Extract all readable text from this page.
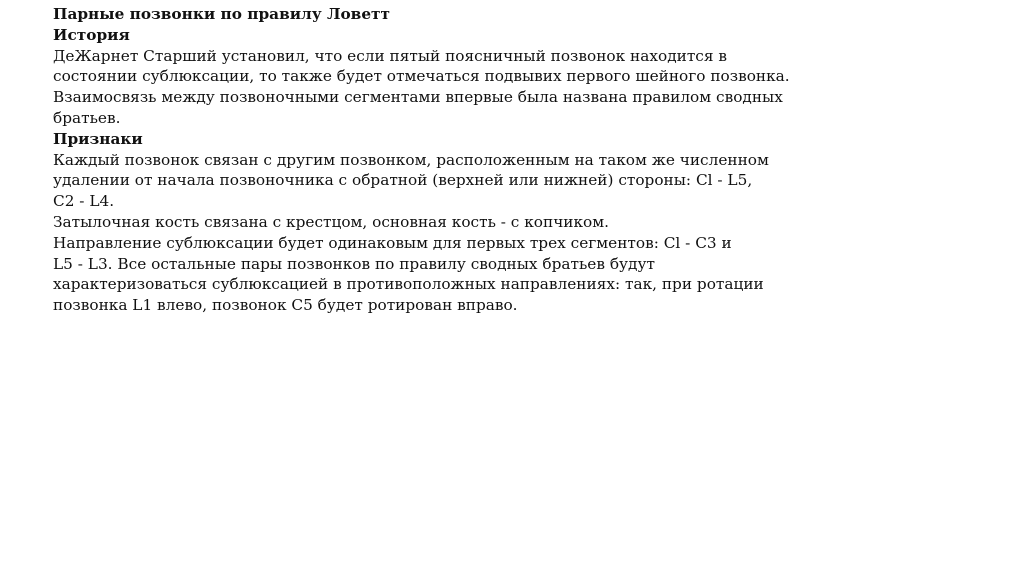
Парные позвонки по правилу Ловетт
История
ДеЖарнет Старший установил, что если пятый поясничный позвонок находится в
состоянии сублюксации, то также будет отмечаться подвывих первого шейного позвонка.
Взаимосвязь между позвоночными сегментами впервые была названа правилом сводных
братьев.
Признаки
Каждый позвонок связан с другим позвонком, расположенным на таком же численном
удалении от начала позвоночника с обратной (верхней или нижней) стороны: Cl - L5,
C2 - L4.
Затылочная кость связана с крестцом, основная кость - с копчиком.
Направление сублюксации будет одинаковым для первых трех сегментов: Cl - C3 и
L5 - L3. Все остальные пары позвонков по правилу сводных братьев будут
характеризоваться сублюксацией в противоположных направлениях: так, при ротации
позвонка L1 влево, позвонок C5 будет ротирован вправо.
